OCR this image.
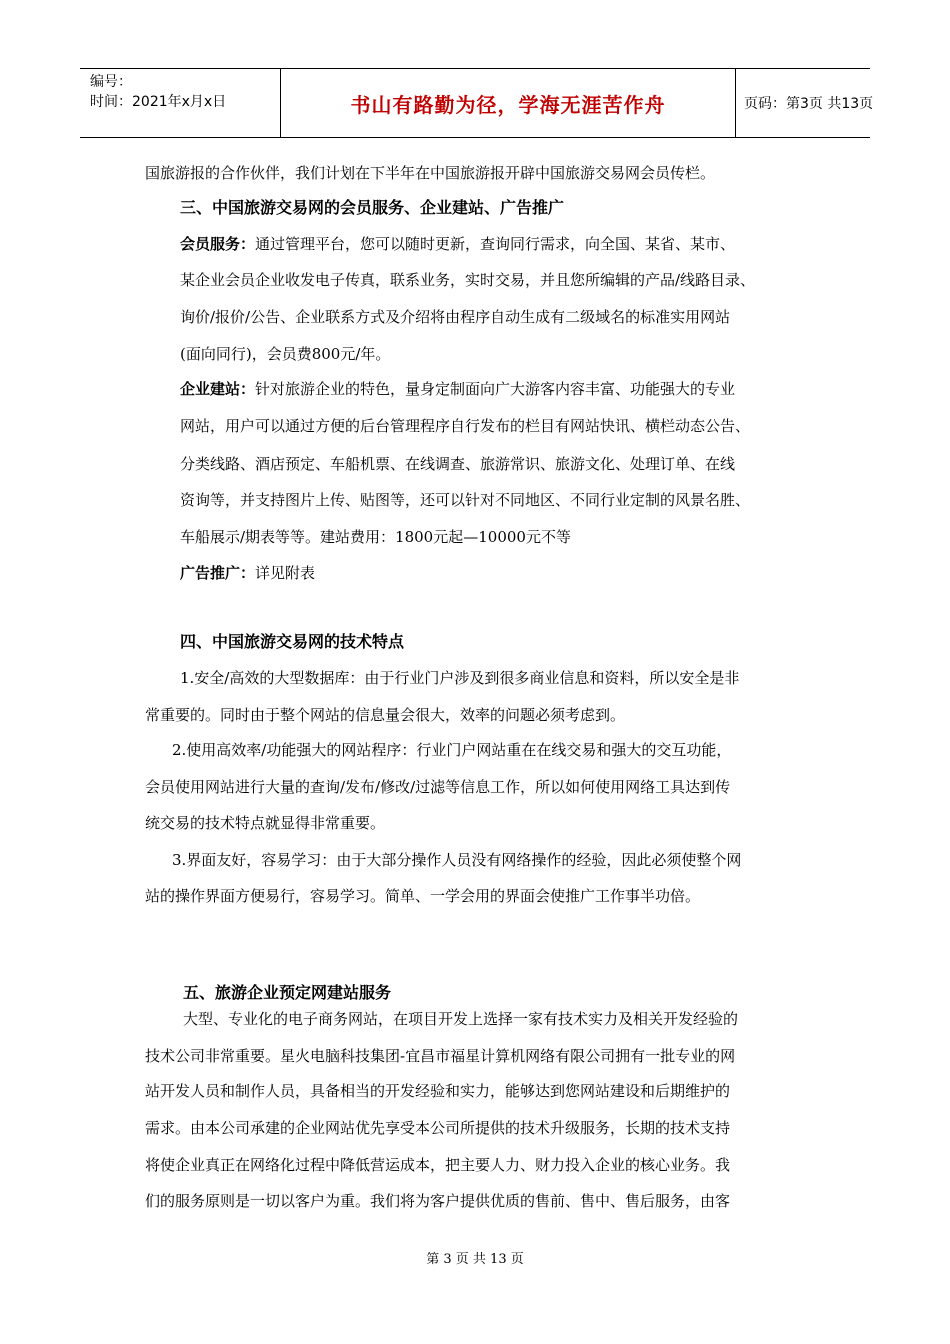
编号：
时间：2021年x月x日	书山有路勤为径，学海无涯苦作舟	页码：第3页 共13页
国旅游报的合作伙伴，我们计划在下半年在中国旅游报开辟中国旅游交易网会员传栏。
三、中国旅游交易网的会员服务、企业建站、广告推广
会员服务：通过管理平台，您可以随时更新，查询同行需求，向全国、某省、某市、
某企业会员企业收发电子传真，联系业务，实时交易，并且您所编辑的产品/线路目录、
询价/报价/公告、企业联系方式及介绍将由程序自动生成有二级域名的标准实用网站
(面向同行)，会员费800元/年。
企业建站：针对旅游企业的特色，量身定制面向广大游客内容丰富、功能强大的专业
网站，用户可以通过方便的后台管理程序自行发布的栏目有网站快讯、横栏动态公告、
分类线路、酒店预定、车船机票、在线调查、旅游常识、旅游文化、处理订单、在线
资询等，并支持图片上传、贴图等，还可以针对不同地区、不同行业定制的风景名胜、
车船展示/期表等等。建站费用：1800元起—10000元不等
广告推广：详见附表
四、中国旅游交易网的技术特点
1.安全/高效的大型数据库：由于行业门户涉及到很多商业信息和资料，所以安全是非
常重要的。同时由于整个网站的信息量会很大，效率的问题必须考虑到。
2.使用高效率/功能强大的网站程序：行业门户网站重在在线交易和强大的交互功能，
会员使用网站进行大量的查询/发布/修改/过滤等信息工作，所以如何使用网络工具达到传
统交易的技术特点就显得非常重要。
3.界面友好，容易学习：由于大部分操作人员没有网络操作的经验，因此必须使整个网
站的操作界面方便易行，容易学习。简单、一学会用的界面会使推广工作事半功倍。
五、旅游企业预定网建站服务
大型、专业化的电子商务网站，在项目开发上选择一家有技术实力及相关开发经验的
技术公司非常重要。星火电脑科技集团-宜昌市福星计算机网络有限公司拥有一批专业的网
站开发人员和制作人员，具备相当的开发经验和实力，能够达到您网站建设和后期维护的
需求。由本公司承建的企业网站优先享受本公司所提供的技术升级服务，长期的技术支持
将使企业真正在网络化过程中降低营运成本，把主要人力、财力投入企业的核心业务。我
们的服务原则是一切以客户为重。我们将为客户提供优质的售前、售中、售后服务，由客
第 3 页 共 13 页
